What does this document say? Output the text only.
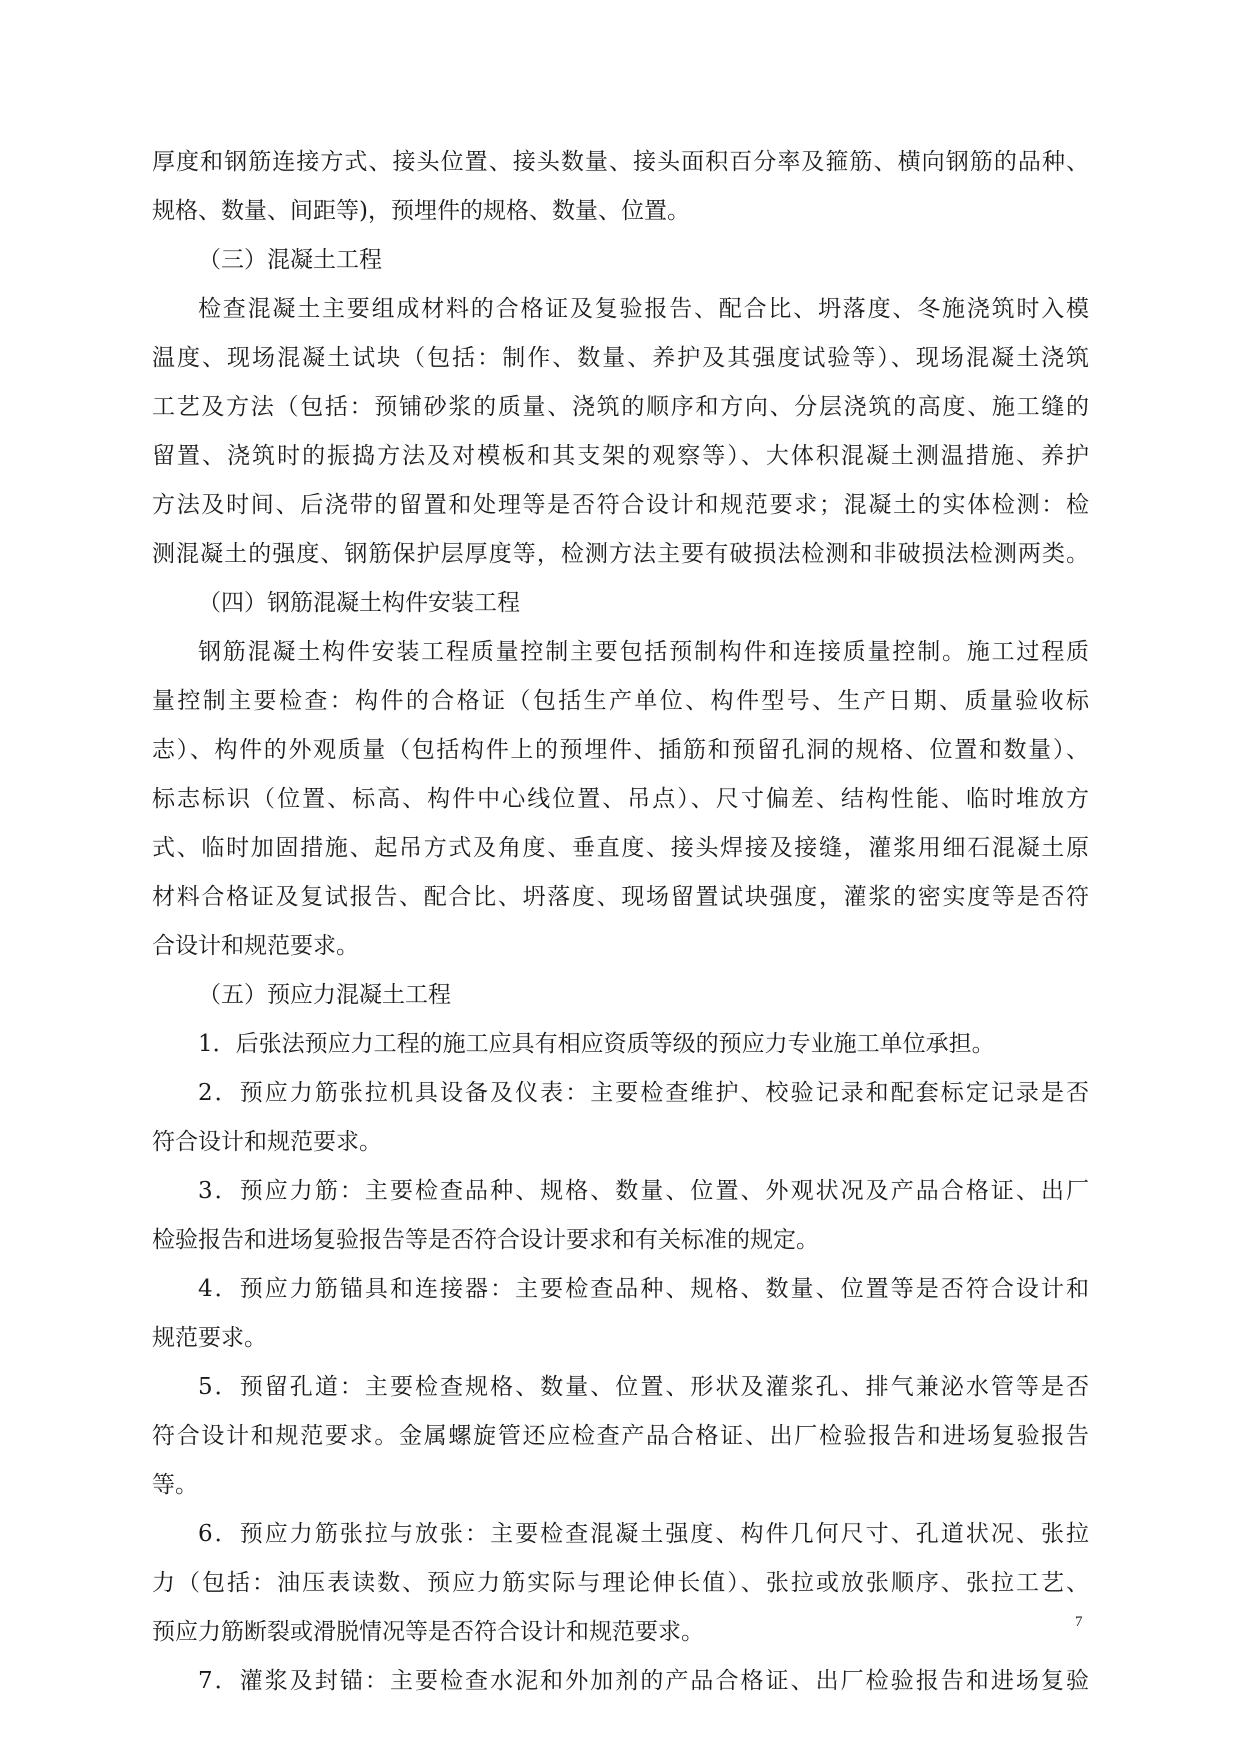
厚度和钢筋连接方式、接头位置、接头数量、接头面积百分率及箍筋、横向钢筋的品种、
规格、数量、间距等)，预埋件的规格、数量、位置。
（三）混凝土工程
检查混凝土主要组成材料的合格证及复验报告、配合比、坍落度、冬施浇筑时入模
温度、现场混凝土试块（包括：制作、数量、养护及其强度试验等）、现场混凝土浇筑
工艺及方法（包括：预铺砂浆的质量、浇筑的顺序和方向、分层浇筑的高度、施工缝的
留置、浇筑时的振捣方法及对模板和其支架的观察等）、大体积混凝土测温措施、养护
方法及时间、后浇带的留置和处理等是否符合设计和规范要求；混凝土的实体检测：检
测混凝土的强度、钢筋保护层厚度等，检测方法主要有破损法检测和非破损法检测两类。
（四）钢筋混凝土构件安装工程
钢筋混凝土构件安装工程质量控制主要包括预制构件和连接质量控制。施工过程质
量控制主要检查：构件的合格证（包括生产单位、构件型号、生产日期、质量验收标
志）、构件的外观质量（包括构件上的预埋件、插筋和预留孔洞的规格、位置和数量）、
标志标识（位置、标高、构件中心线位置、吊点）、尺寸偏差、结构性能、临时堆放方
式、临时加固措施、起吊方式及角度、垂直度、接头焊接及接缝，灌浆用细石混凝土原
材料合格证及复试报告、配合比、坍落度、现场留置试块强度，灌浆的密实度等是否符
合设计和规范要求。
（五）预应力混凝土工程
1．后张法预应力工程的施工应具有相应资质等级的预应力专业施工单位承担。
2．预应力筋张拉机具设备及仪表：主要检查维护、校验记录和配套标定记录是否
符合设计和规范要求。
3．预应力筋：主要检查品种、规格、数量、位置、外观状况及产品合格证、出厂
检验报告和进场复验报告等是否符合设计要求和有关标准的规定。
4．预应力筋锚具和连接器：主要检查品种、规格、数量、位置等是否符合设计和
规范要求。
5．预留孔道：主要检查规格、数量、位置、形状及灌浆孔、排气兼泌水管等是否
符合设计和规范要求。金属螺旋管还应检查产品合格证、出厂检验报告和进场复验报告
等。
6．预应力筋张拉与放张：主要检查混凝土强度、构件几何尺寸、孔道状况、张拉
力（包括：油压表读数、预应力筋实际与理论伸长值）、张拉或放张顺序、张拉工艺、
预应力筋断裂或滑脱情况等是否符合设计和规范要求。
7．灌浆及封锚：主要检查水泥和外加剂的产品合格证、出厂检验报告和进场复验
7
